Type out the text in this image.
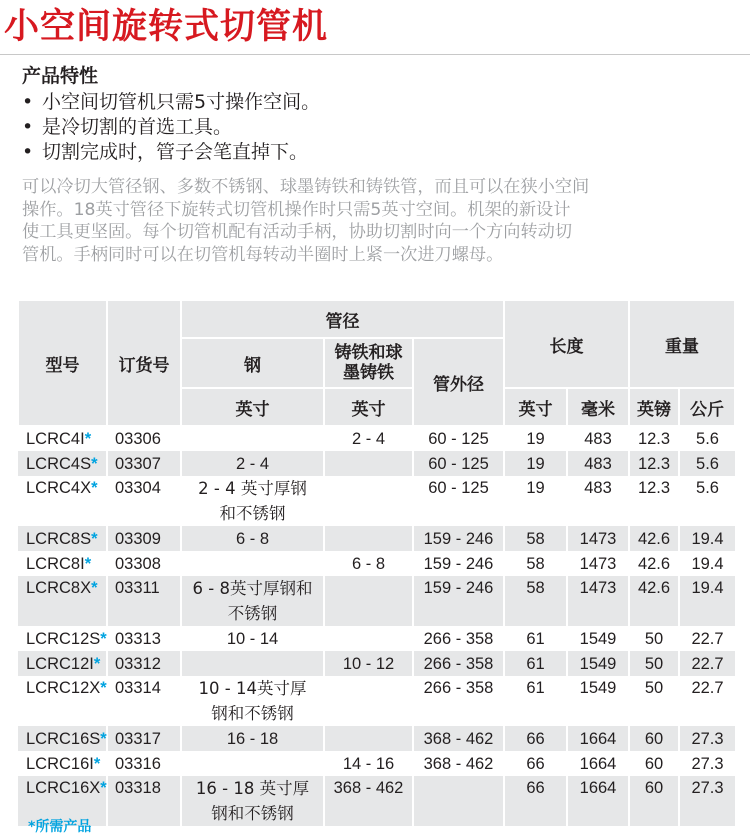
小空间旋转式切管机
产品特性
• 小空间切管机只需5寸操作空间。
• 是冷切割的首选工具。
• 切割完成时，管子会笔直掉下。

可以冷切大管径钢、多数不锈钢、球墨铸铁和铸铁管，而且可以在狭小空间

操作。18英寸管径下旋转式切管机操作时只需5英寸空间。机架的新设计

使工具更坚固。每个切管机配有活动手柄，协助切割时向一个方向转动切

管机。手柄同时可以在切管机每转动半圈时上紧一次进刀螺母。

型号	订货号	管径			长度		重量	
		钢	铸铁和球墨铸铁	管外径				
		英寸	英寸		英寸	毫米	英镑	公斤
LCRC4I*	03306		2 - 4	60 - 125	19	483	12.3	5.6
LCRC4S*	03307	2 - 4		60 - 125	19	483	12.3	5.6
LCRC4X*	03304	2 - 4 英寸厚钢和不锈钢		60 - 125	19	483	12.3	5.6
LCRC8S*	03309	6 - 8		159 - 246	58	1473	42.6	19.4
LCRC8I*	03308		6 - 8	159 - 246	58	1473	42.6	19.4
LCRC8X*	03311	6 - 8英寸厚钢和不锈钢		159 - 246	58	1473	42.6	19.4
LCRC12S*	03313	10 - 14		266 - 358	61	1549	50	22.7
LCRC12I*	03312		10 - 12	266 - 358	61	1549	50	22.7
LCRC12X*	03314	10 - 14英寸厚钢和不锈钢		266 - 358	61	1549	50	22.7
LCRC16S*	03317	16 - 18		368 - 462	66	1664	60	27.3
LCRC16I*	03316		14 - 16	368 - 462	66	1664	60	27.3
LCRC16X*	03318	16 - 18 英寸厚钢和不锈钢	368 - 462		66	1664	60	27.3
*所需产品
